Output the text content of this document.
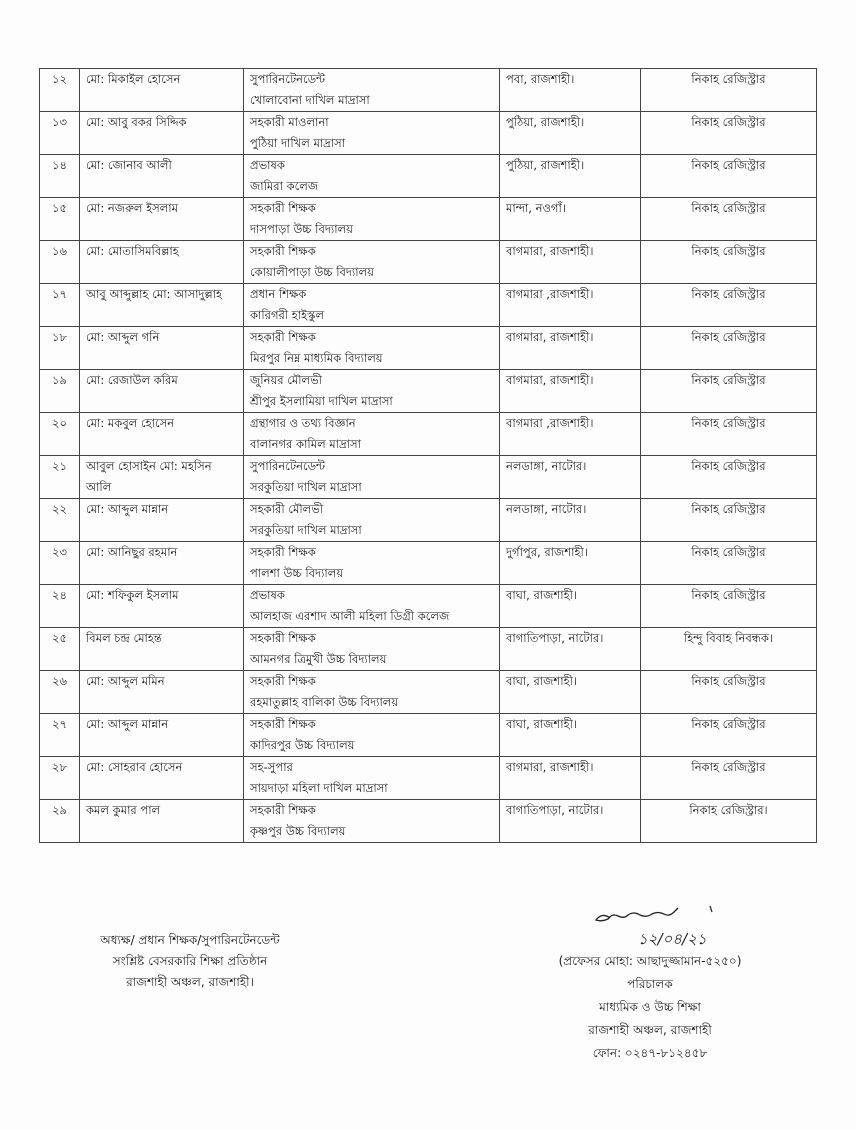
১২	মো: মিকাইল হোসেন	সুপারিনটেনডেন্ট
খোলাবোনা দাখিল মাদ্রাসা	পবা, রাজশাহী।	নিকাহ রেজিস্ট্রার

১৩	মো: আবু বকর সিদ্দিক	সহকারী মাওলানা
পুঠিয়া দাখিল মাদ্রাসা	পুঠিয়া, রাজশাহী।	নিকাহ রেজিস্ট্রার

১৪	মো: জোনাব আলী	প্রভাষক
জামিরা কলেজ	পুঠিয়া, রাজশাহী।	নিকাহ রেজিস্ট্রার

১৫	মো: নজরুল ইসলাম	সহকারী শিক্ষক
দাসপাড়া উচ্চ বিদ্যালয়	মান্দা, নওগাঁ।	নিকাহ রেজিস্ট্রার

১৬	মো: মোতাসিমবিল্লাহ	সহকারী শিক্ষক
কোয়ালীপাড়া উচ্চ বিদ্যালয়	বাগমারা, রাজশাহী।	নিকাহ রেজিস্ট্রার

১৭	আবু আব্দুল্লাহ মো: আসাদুল্লাহ	প্রধান শিক্ষক
কারিগরী হাইস্কুল	বাগমারা ,রাজশাহী।	নিকাহ রেজিস্ট্রার

১৮	মো: আব্দুল গনি	সহকারী শিক্ষক
মিরপুর নিম্ন মাধ্যমিক বিদ্যালয়	বাগমারা, রাজশাহী।	নিকাহ রেজিস্ট্রার

১৯	মো: রেজাউল করিম	জুনিয়র মৌলভী
শ্রীপুর ইসলামিয়া দাখিল মাদ্রাসা	বাগমারা, রাজশাহী।	নিকাহ রেজিস্ট্রার

২০	মো: মকবুল হোসেন	গ্রন্থাগার ও তথ্য বিজ্ঞান
বালানগর কামিল মাদ্রাসা	বাগমারা ,রাজশাহী।	নিকাহ রেজিস্ট্রার

২১	আবুল হোসাইন মো: মহসিন আলি	সুপারিনটেনডেন্ট
সরকুতিয়া দাখিল মাদ্রাসা	নলডাঙ্গা, নাটোর।	নিকাহ রেজিস্ট্রার

২২	মো: আব্দুল মান্নান	সহকারী মৌলভী
সরকুতিয়া দাখিল মাদ্রাসা	নলডাঙ্গা, নাটোর।	নিকাহ রেজিস্ট্রার

২৩	মো: আনিছুর রহমান	সহকারী শিক্ষক
পালশা উচ্চ বিদ্যালয়	দুর্গাপুর, রাজশাহী।	নিকাহ রেজিস্ট্রার

২৪	মো: শফিকুল ইসলাম	প্রভাষক
আলহাজ এরশাদ আলী মহিলা ডিগ্রী কলেজ	বাঘা, রাজশাহী।	নিকাহ রেজিস্ট্রার

২৫	বিমল চন্দ্র মোহন্ত	সহকারী শিক্ষক
আমনগর ত্রিমুখী উচ্চ বিদ্যালয়	বাগাতিপাড়া, নাটোর।	হিন্দু বিবাহ নিবন্ধক।

২৬	মো: আব্দুল মমিন	সহকারী শিক্ষক
রহমাতুল্লাহ বালিকা উচ্চ বিদ্যালয়	বাঘা, রাজশাহী।	নিকাহ রেজিস্ট্রার

২৭	মো: আব্দুল মান্নান	সহকারী শিক্ষক
কাদিরপুর উচ্চ বিদ্যালয়	বাঘা, রাজশাহী।	নিকাহ রেজিস্ট্রার

২৮	মো: সোহরাব হোসেন	সহ-সুপার
সায়দাড়া মহিলা দাখিল মাদ্রাসা	বাগমারা, রাজশাহী।	নিকাহ রেজিস্ট্রার

২৯	কমল কুমার পাল	সহকারী শিক্ষক
কৃষ্ণপুর উচ্চ বিদ্যালয়	বাগাতিপাড়া, নাটোর।	নিকাহ রেজিস্ট্রার।
অধ্যক্ষ/ প্রধান শিক্ষক/সুপারিনটেনডেন্ট
সংশ্লিষ্ট বেসরকারি শিক্ষা প্রতিষ্ঠান
রাজশাহী অঞ্চল, রাজশাহী।
১২/০৪/২১
(প্রফেসর মোহা: আছাদুজ্জামান-৫২৫০)
পরিচালক
মাধ্যমিক ও উচ্চ শিক্ষা
রাজশাহী অঞ্চল, রাজশাহী
ফোন: ০২৪৭-৮১২৪৫৮
